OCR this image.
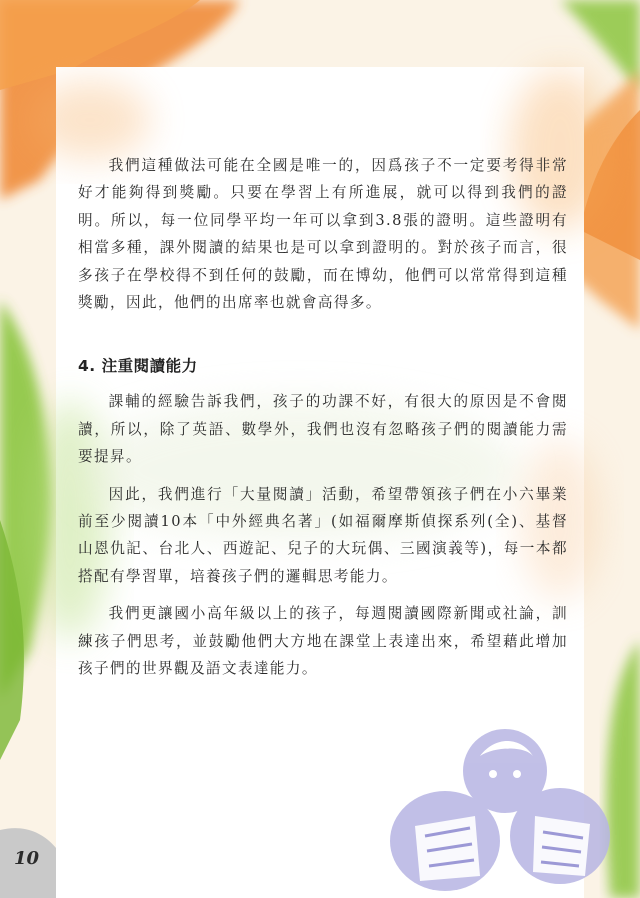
我們這種做法可能在全國是唯一的，因爲孩子不一定要考得非常好才能夠得到獎勵。只要在學習上有所進展，就可以得到我們的證明。所以，每一位同學平均一年可以拿到3.8張的證明。這些證明有相當多種，課外閱讀的結果也是可以拿到證明的。對於孩子而言，很多孩子在學校得不到任何的鼓勵，而在博幼，他們可以常常得到這種獎勵，因此，他們的出席率也就會高得多。

4. 注重閱讀能力

課輔的經驗告訴我們，孩子的功課不好，有很大的原因是不會閱讀，所以，除了英語、數學外，我們也沒有忽略孩子們的閱讀能力需要提昇。

因此，我們進行「大量閱讀」活動，希望帶領孩子們在小六畢業前至少閱讀10本「中外經典名著」(如福爾摩斯偵探系列(全)、基督山恩仇記、台北人、西遊記、兒子的大玩偶、三國演義等)，每一本都搭配有學習單，培養孩子們的邏輯思考能力。

我們更讓國小高年級以上的孩子，每週閱讀國際新聞或社論，訓練孩子們思考，並鼓勵他們大方地在課堂上表達出來，希望藉此增加孩子們的世界觀及語文表達能力。

10
